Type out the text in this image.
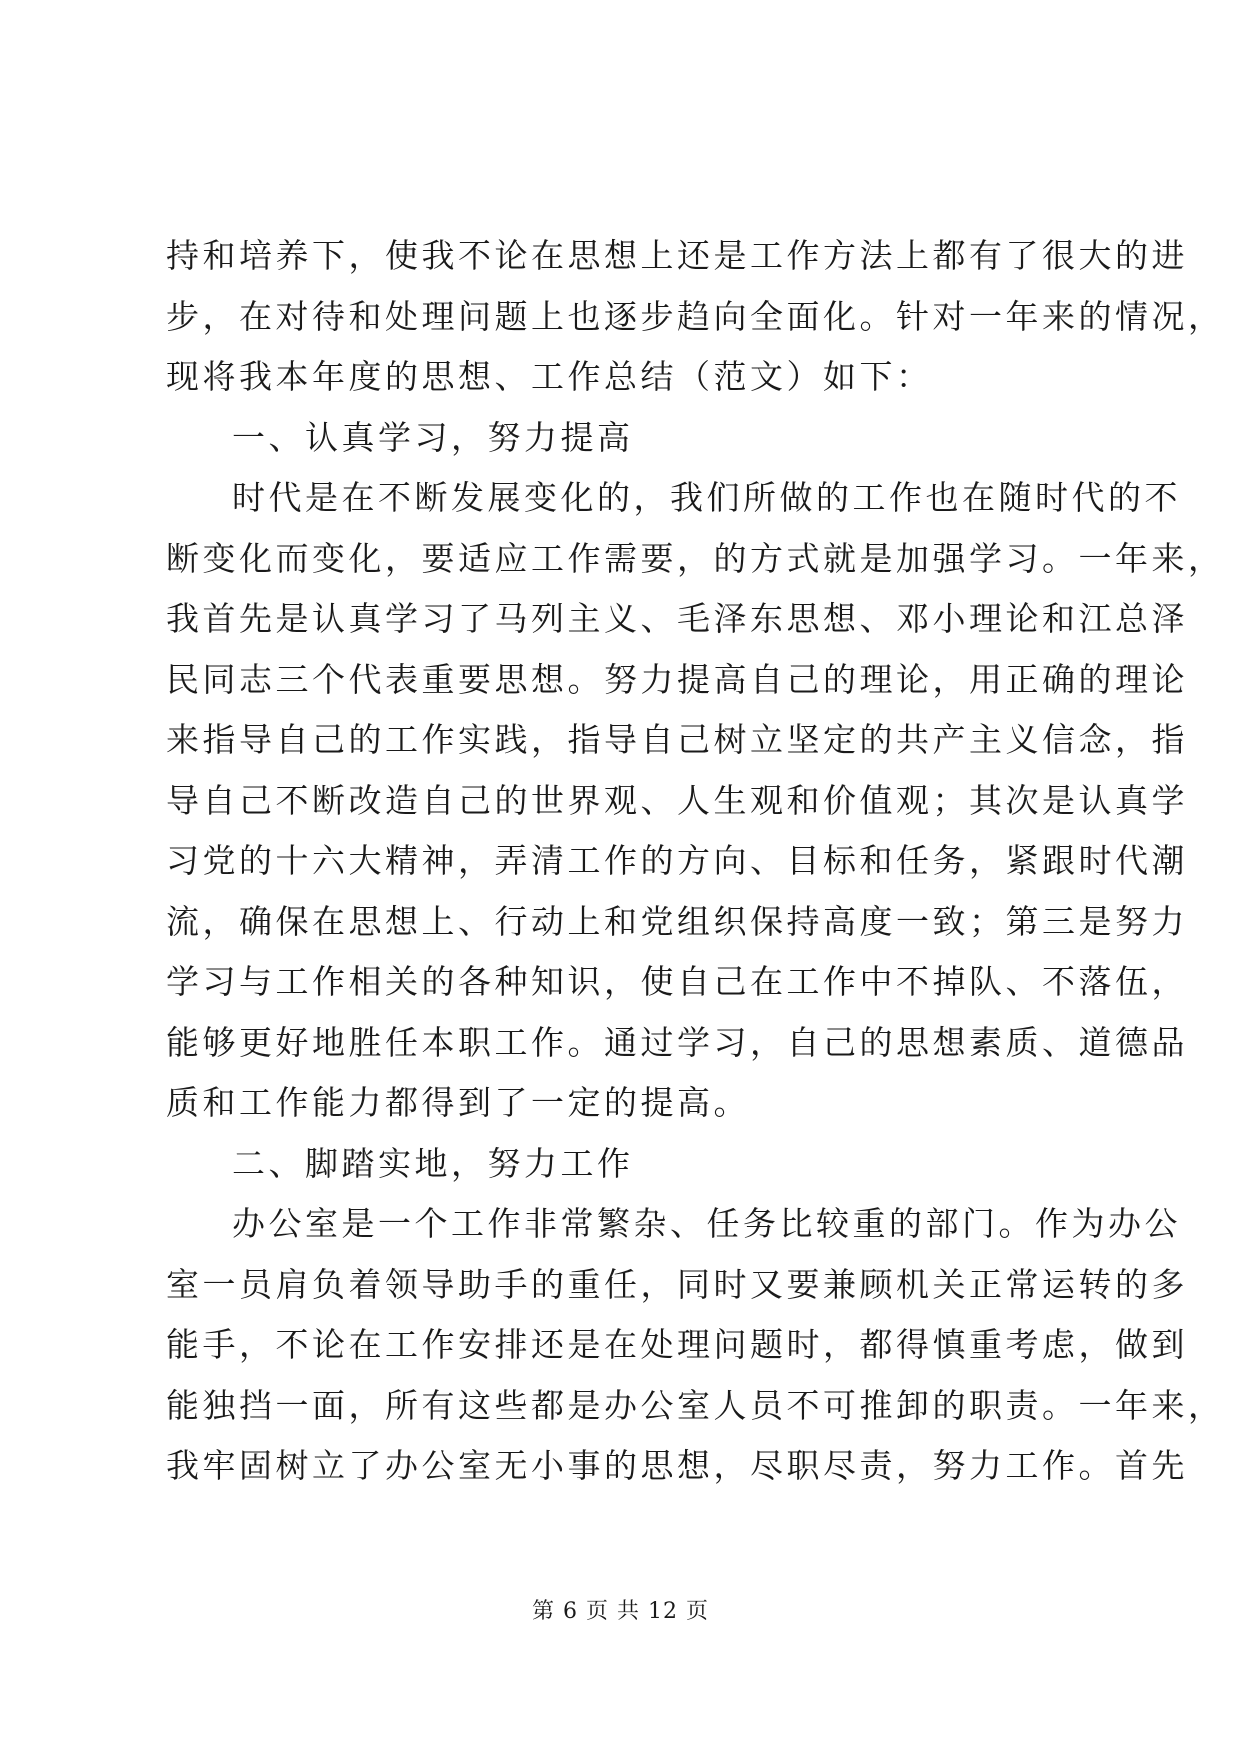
持和培养下，使我不论在思想上还是工作方法上都有了很大的进
步，在对待和处理问题上也逐步趋向全面化。针对一年来的情况，
现将我本年度的思想、工作总结（范文）如下：
一、认真学习，努力提高
时代是在不断发展变化的，我们所做的工作也在随时代的不
断变化而变化，要适应工作需要，的方式就是加强学习。一年来，
我首先是认真学习了马列主义、毛泽东思想、邓小理论和江总泽
民同志三个代表重要思想。努力提高自己的理论，用正确的理论
来指导自己的工作实践，指导自己树立坚定的共产主义信念，指
导自己不断改造自己的世界观、人生观和价值观；其次是认真学
习党的十六大精神，弄清工作的方向、目标和任务，紧跟时代潮
流，确保在思想上、行动上和党组织保持高度一致；第三是努力
学习与工作相关的各种知识，使自己在工作中不掉队、不落伍，
能够更好地胜任本职工作。通过学习，自己的思想素质、道德品
质和工作能力都得到了一定的提高。
二、脚踏实地，努力工作
办公室是一个工作非常繁杂、任务比较重的部门。作为办公
室一员肩负着领导助手的重任，同时又要兼顾机关正常运转的多
能手，不论在工作安排还是在处理问题时，都得慎重考虑，做到
能独挡一面，所有这些都是办公室人员不可推卸的职责。一年来，
我牢固树立了办公室无小事的思想，尽职尽责，努力工作。首先
第 6 页 共 12 页
